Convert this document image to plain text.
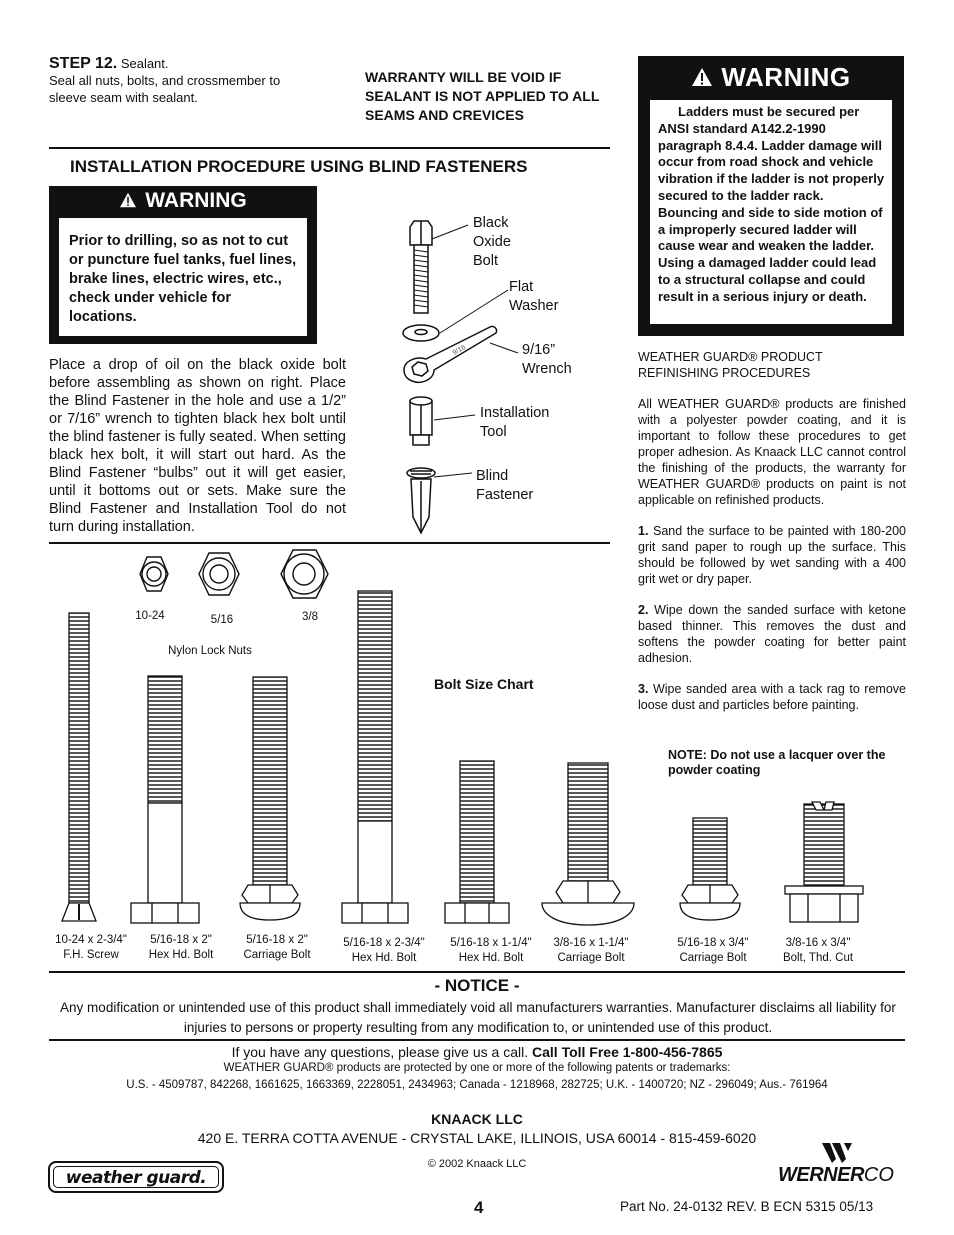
STEP 12. Sealant.
Seal all nuts, bolts, and crossmember to sleeve seam with sealant.
WARRANTY WILL BE VOID IF SEALANT IS NOT APPLIED TO ALL SEAMS AND CREVICES
WARNING
Ladders must be secured per ANSI standard A142.2-1990 paragraph 8.4.4. Ladder damage will occur from road shock and vehicle vibration if the ladder is not properly secured to the ladder rack. Bouncing and side to side motion of a improperly secured ladder will cause wear and weaken the ladder. Using a damaged ladder could lead to a structural collapse and could result in a serious injury or death.
INSTALLATION PROCEDURE USING BLIND FASTENERS
WARNING
Prior to drilling, so as not to cut or puncture fuel tanks, fuel lines, brake lines, electric wires, etc., check under vehicle for locations.
Place a drop of oil on the black oxide bolt before assembling as shown on right. Place the Blind Fastener in the hole and use a 1/2” or 7/16” wrench to tighten black hex bolt until the blind fastener is fully seated. When setting black hex bolt, it will start out hard. As the Blind Fastener “bulbs” out it will get easier, until it bottoms out or sets. Make sure the Blind Fastener and Installation Tool do not turn during installation.
9/16
Black
Oxide
Bolt
Flat
Washer
9/16”
Wrench
Installation
Tool
Blind
Fastener

WEATHER GUARD® PRODUCT REFINISHING PROCEDURES

All WEATHER GUARD® products are finished with a polyester powder coating, and it is important to follow these procedures to get proper adhesion. As Knaack LLC cannot control the finishing of the products, the warranty for WEATHER GUARD® products on paint is not applicable on refinished products.

1. Sand the surface to be painted with 180-200 grit sand paper to rough up the surface. This should be followed by wet sanding with a 400 grit wet or dry paper.

2. Wipe down the sanded surface with ketone based thinner. This removes the dust and softens the powder coating for better paint adhesion.

3. Wipe sanded area with a tack rag to remove loose dust and particles before painting.

NOTE: Do not use a lacquer over the powder coating
10-24	5/16	3/8
Nylon Lock Nuts
Bolt Size Chart
10-24 x 2-3/4"
F.H. Screw
5/16-18 x 2"
Hex Hd. Bolt
5/16-18 x 2"
Carriage Bolt
5/16-18 x 2-3/4"
Hex Hd. Bolt
5/16-18 x 1-1/4"
Hex Hd. Bolt
3/8-16 x 1-1/4"
Carriage Bolt
5/16-18 x 3/4"
Carriage Bolt
3/8-16 x 3/4"
Bolt, Thd. Cut
- NOTICE -
Any modification or unintended use of this product shall immediately void all manufacturers warranties. Manufacturer disclaims all liability for injuries to persons or property resulting from any modification to, or unintended use of this product.
If you have any questions, please give us a call. Call Toll Free 1-800-456-7865
WEATHER GUARD® products are protected by one or more of the following patents or trademarks:
U.S. - 4509787, 842268, 1661625, 1663369, 2228051, 2434963; Canada - 1218968, 282725; U.K. - 1400720; NZ - 296049; Aus.- 761964
KNAACK LLC
420 E. TERRA COTTA AVENUE - CRYSTAL LAKE, ILLINOIS, USA 60014 - 815-459-6020
© 2002 Knaack LLC
weather guard.
4
WERNERCO
Part No. 24-0132 REV. B ECN 5315 05/13
